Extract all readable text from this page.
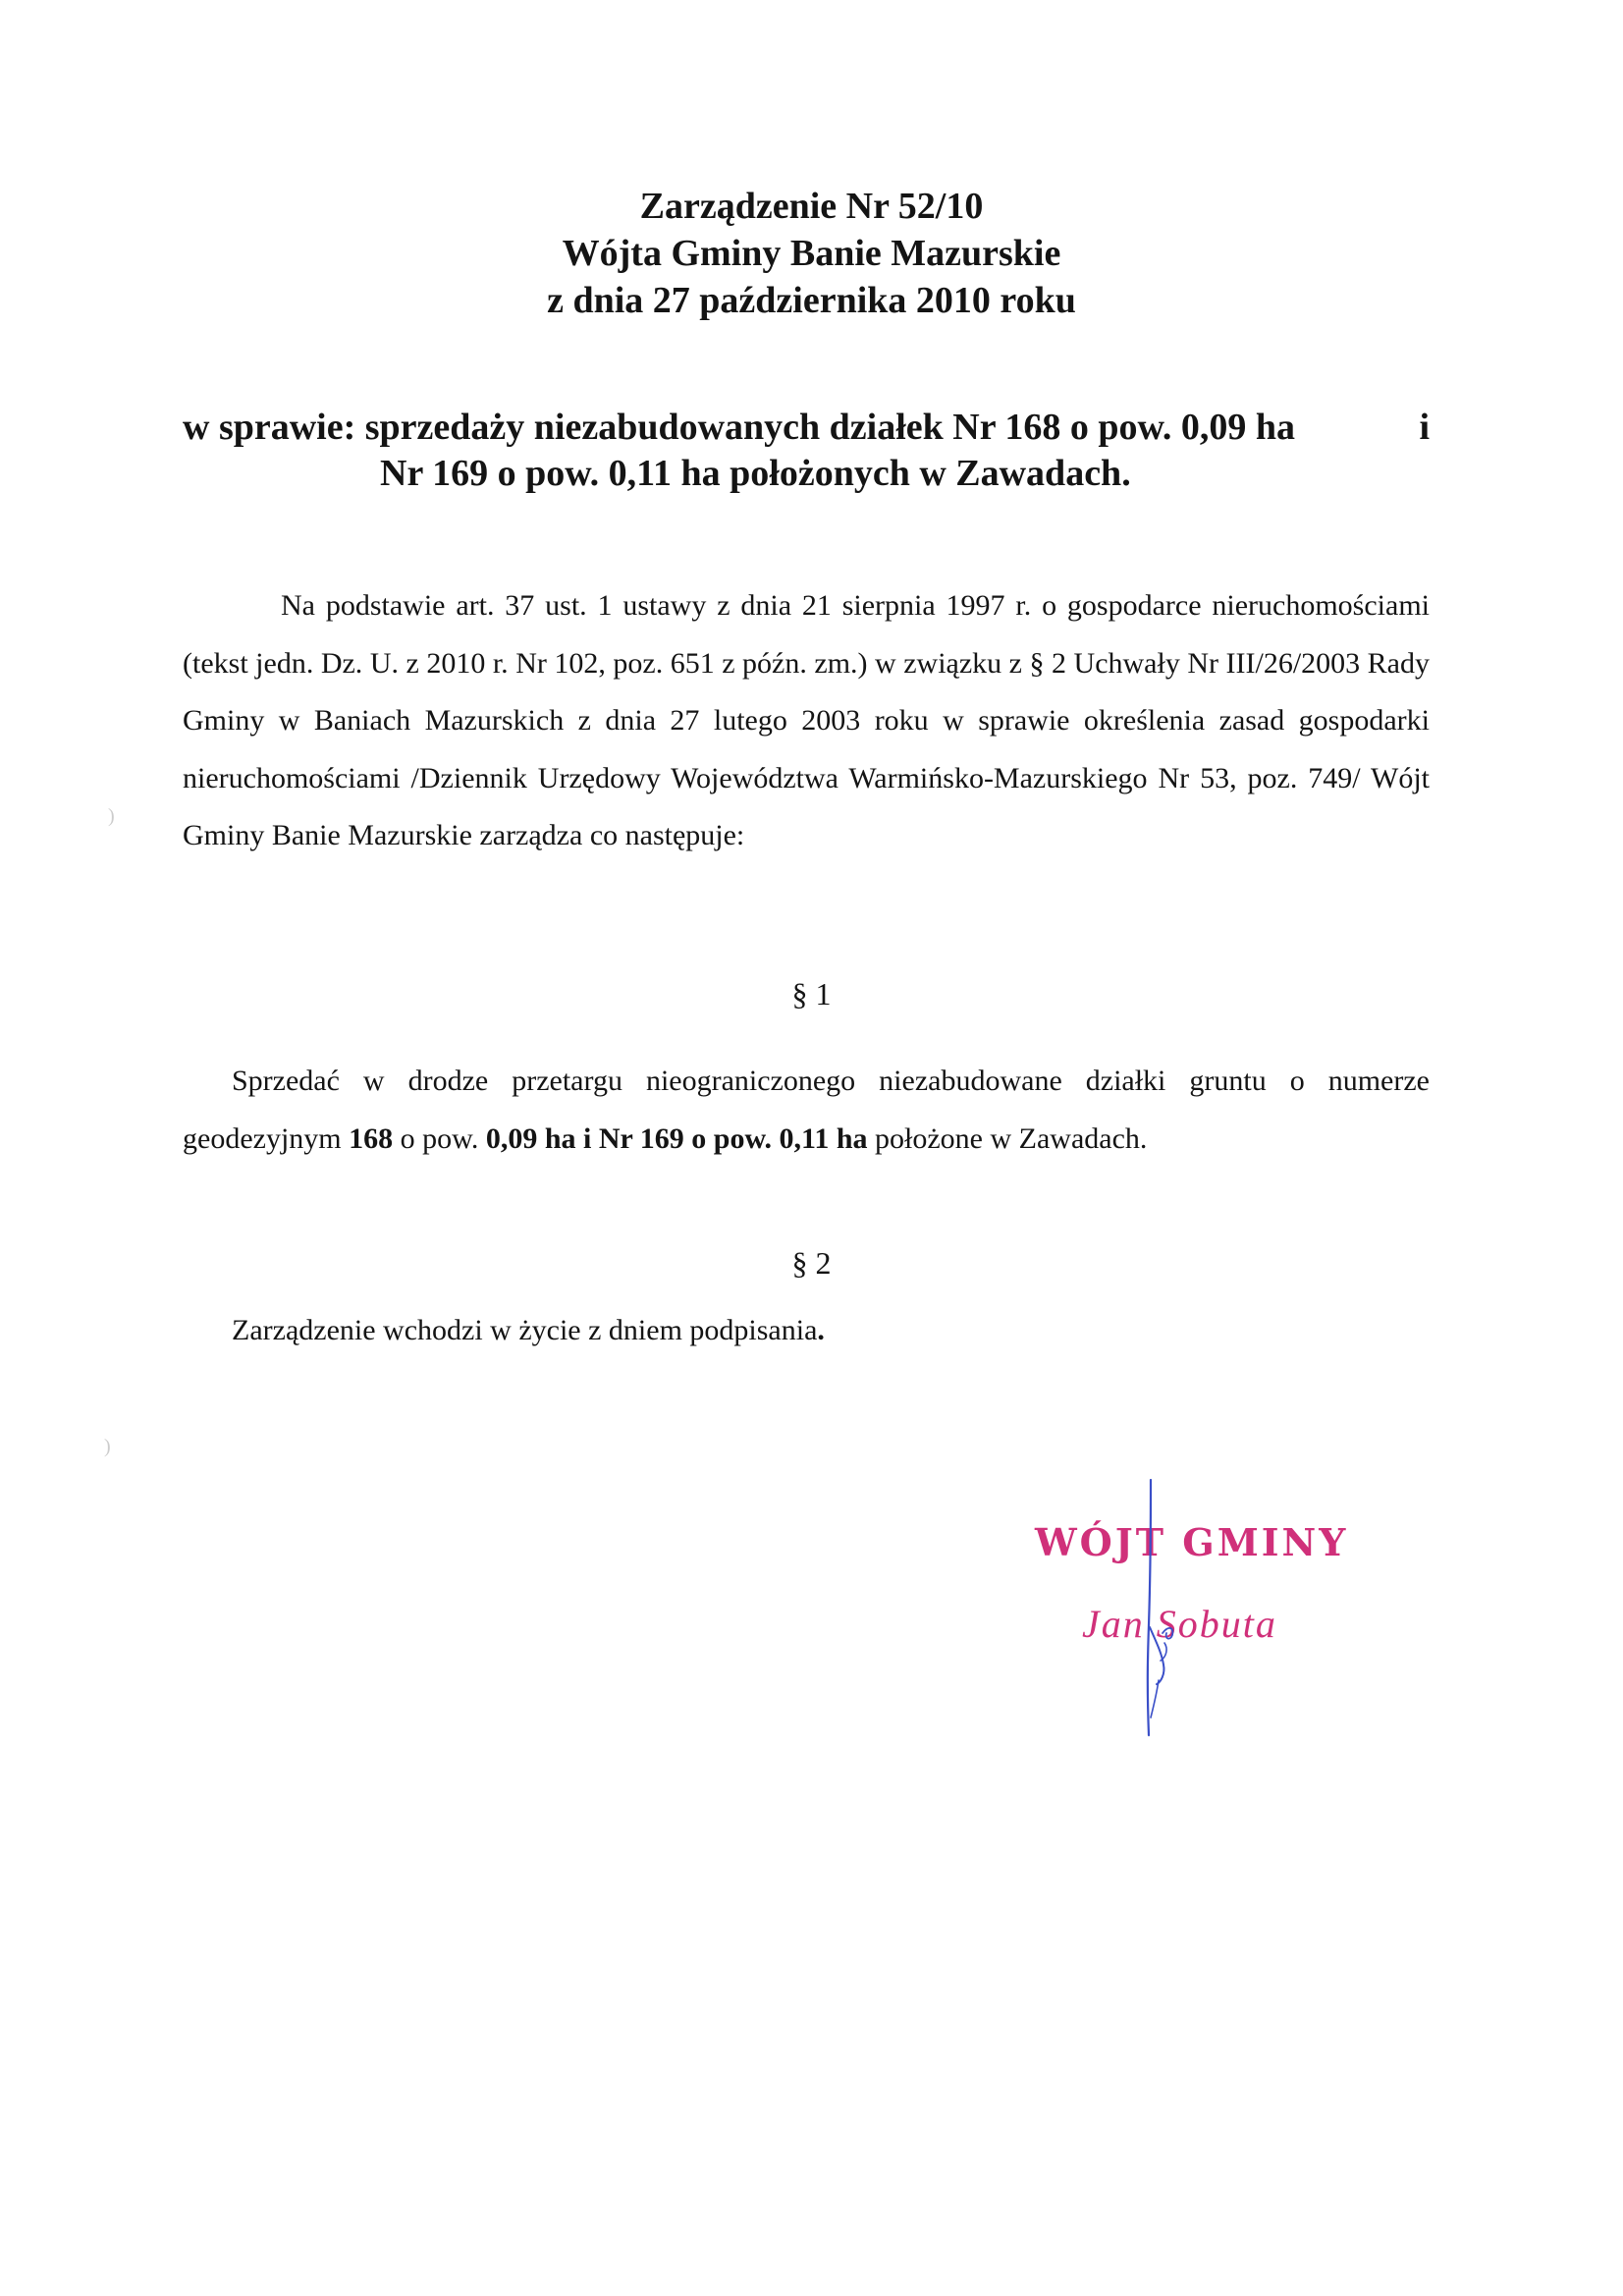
Zarządzenie Nr 52/10
Wójta Gminy Banie Mazurskie
z dnia 27 października 2010 roku
w sprawie: sprzedaży niezabudowanych działek Nr 168 o pow. 0,09 ha	i
Nr 169 o pow. 0,11 ha położonych w Zawadach.
Na podstawie art. 37 ust. 1 ustawy z dnia 21 sierpnia 1997 r. o gospodarce nieruchomościami (tekst jedn. Dz. U. z 2010 r. Nr 102, poz. 651 z późn. zm.) w związku z § 2 Uchwały Nr III/26/2003 Rady Gminy w Baniach Mazurskich z dnia 27 lutego 2003 roku w sprawie określenia zasad gospodarki nieruchomościami /Dziennik Urzędowy Województwa Warmińsko-Mazurskiego Nr 53, poz. 749/ Wójt Gminy Banie Mazurskie zarządza co następuje:
§ 1
Sprzedać w drodze przetargu nieograniczonego niezabudowane działki gruntu o numerze geodezyjnym 168 o pow. 0,09 ha i Nr 169 o pow. 0,11 ha położone w Zawadach.
§ 2
Zarządzenie wchodzi w życie z dniem podpisania.
WÓJT GMINY
Jan Sobuta
)
)
